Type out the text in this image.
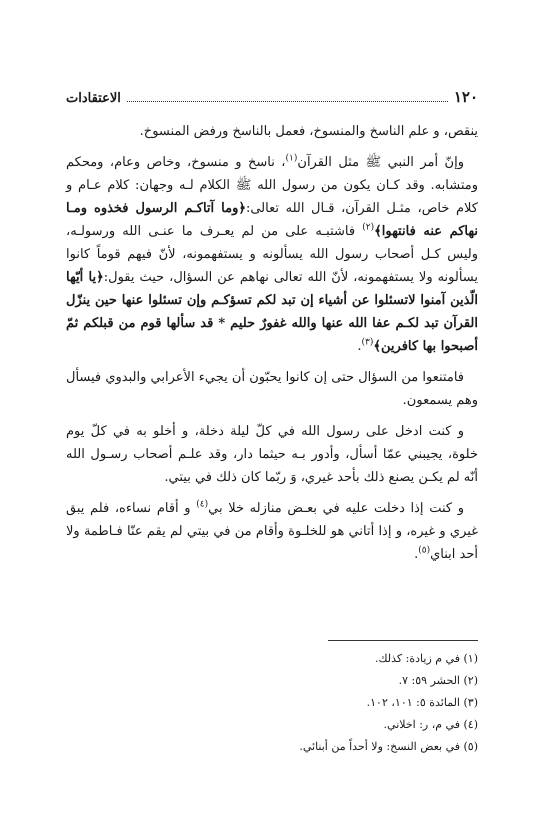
١٢٠
الاعتقادات

ينقص، و علم الناسخ والمنسوخ، فعمل بالناسخ ورفض المنسوخ.

وإنّ أمر النبي ﷺ مثل القرآن$^{(١)}$، ناسخ و منسوخ، وخاص وعام، ومحكم ومتشابه. وقد كـان يكون من رسول الله ﷺ الكلام لـه وجهان: كلام عـام و كلام خاص، مثـل القرآن، قـال الله تعالى:﴿وما آتاكـم الرسول فخذوه ومـا نهاكم عنه فانتهوا﴾$^{(٢)}$ فاشتبـه على من لم يعـرف ما عنـى الله ورسولـه، وليس كـل أصحاب رسول الله يسألونه و يستفهمونه، لأنّ فيهم قوماً كانوا يسألونه ولا يستفهمونه، لأنّ الله تعالى نهاهم عن السؤال، حيث يقول:﴿يا أيّها الّذين آمنوا لاتسئلوا عن أشياء إن تبد لكم تسؤكـم وإن تسئلوا عنها حين ينزّل القرآن تبد لكـم عفا الله عنها والله غفورٌ حليم * قد سألها قوم من قبلكم ثمّ أصبحوا بها كافرين﴾$^{(٣)}$.

فامتنعوا من السؤال حتى إن كانوا يحبّون أن يجيء الأعرابي والبدوي فيسأل وهم يسمعون.

و كنت ادخل على رسول الله في كلّ ليلة دخلة، و أخلو به في كلّ يوم خلوة، يجيبني عمّا أسأل، وأدور بـه حيثما دار، وقد علـم أصحاب رسـول الله أنّه لم يكـن يصنع ذلك بأحد غيري، وَ ربّما كان ذلك في بيتي.

و كنت إذا دخلت عليه في بعـض منازله خلا بي$^{(٤)}$ و أقام نساءه، فلم يبق غيري و غيره، و إذا أتاني هو للخلـوة وأقام من في بيتي لم يقم عنّا فـاطمة ولا أحد ابناي$^{(٥)}$.

(١) في م زيادة: كذلك.
(٢) الحشر ٥٩: ٧.
(٣) المائدة ٥: ١٠١، ١٠٢.
(٤) في م، ر: اخلاني.
(٥) في بعض النسخ: ولا أحداً من أبنائي.
